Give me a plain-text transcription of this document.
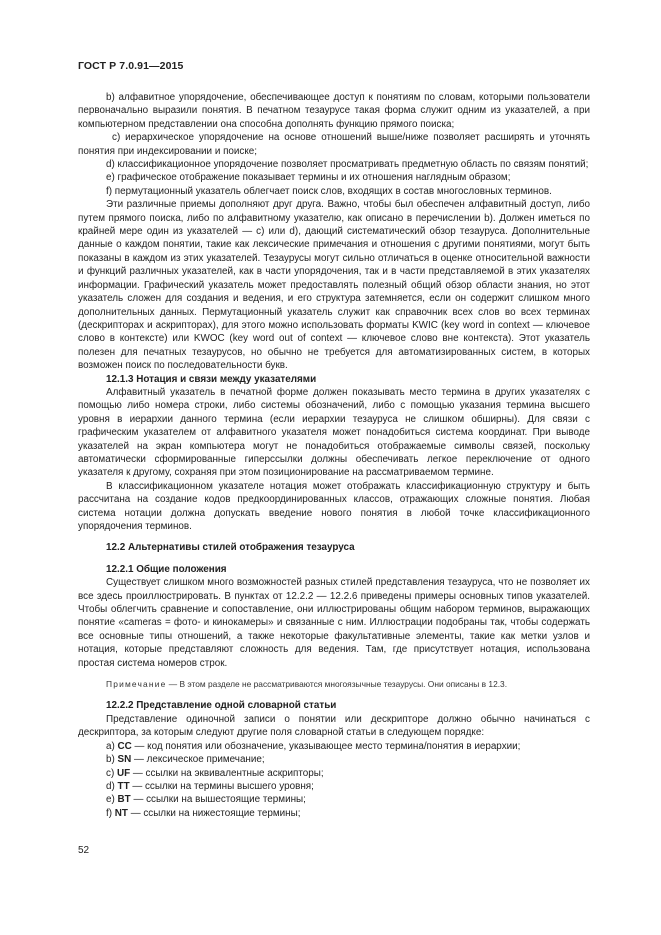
ГОСТ Р 7.0.91—2015

b) алфавитное упорядочение, обеспечивающее доступ к понятиям по словам, которыми пользователи первоначально выразили понятия. В печатном тезаурусе такая форма служит одним из указателей, а при компьютерном представлении она способна дополнять функцию прямого поиска;

c) иерархическое упорядочение на основе отношений выше/ниже позволяет расширять и уточнять понятия при индексировании и поиске;

d) классификационное упорядочение позволяет просматривать предметную область по связям понятий;

e) графическое отображение показывает термины и их отношения наглядным образом;

f) пермутационный указатель облегчает поиск слов, входящих в состав многословных терминов.

Эти различные приемы дополняют друг друга. Важно, чтобы был обеспечен алфавитный доступ, либо путем прямого поиска, либо по алфавитному указателю, как описано в перечислении b). Должен иметься по крайней мере один из указателей — c) или d), дающий систематический обзор тезауруса. Дополнительные данные о каждом понятии, такие как лексические примечания и отношения с другими понятиями, могут быть показаны в каждом из этих указателей. Тезаурусы могут сильно отличаться в оценке относительной важности и функций различных указателей, как в части упорядочения, так и в части представляемой в этих указателях информации. Графический указатель может предоставлять полезный общий обзор области знания, но этот указатель сложен для создания и ведения, и его структура затемняется, если он содержит слишком много дополнительных данных. Пермутационный указатель служит как справочник всех слов во всех терминах (дескрипторах и аскрипторах), для этого можно использовать форматы KWIC (key word in context — ключевое слово в контексте) или KWOC (key word out of context — ключевое слово вне контекста). Этот указатель полезен для печатных тезаурусов, но обычно не требуется для автоматизированных систем, в которых возможен поиск по последовательности букв.

12.1.3 Нотация и связи между указателями

Алфавитный указатель в печатной форме должен показывать место термина в других указателях с помощью либо номера строки, либо системы обозначений, либо с помощью указания термина высшего уровня в иерархии данного термина (если иерархии тезауруса не слишком обширны). Для связи с графическим указателем от алфавитного указателя может понадобиться система координат. При выводе указателей на экран компьютера могут не понадобиться отображаемые символы связей, поскольку автоматически сформированные гиперссылки должны обеспечивать легкое переключение от одного указателя к другому, сохраняя при этом позиционирование на рассматриваемом термине.

В классификационном указателе нотация может отображать классификационную структуру и быть рассчитана на создание кодов предкоординированных классов, отражающих сложные понятия. Любая система нотации должна допускать введение нового понятия в любой точке классификационного упорядочения терминов.

12.2 Альтернативы стилей отображения тезауруса
12.2.1 Общие положения

Существует слишком много возможностей разных стилей представления тезауруса, что не позволяет их все здесь проиллюстрировать. В пунктах от 12.2.2 — 12.2.6 приведены примеры основных типов указателей. Чтобы облегчить сравнение и сопоставление, они иллюстрированы общим набором терминов, выражающих понятие «cameras = фото- и кинокамеры» и связанные с ним. Иллюстрации подобраны так, чтобы содержать все основные типы отношений, а также некоторые факультативные элементы, такие как метки узлов и нотация, которые представляют сложность для ведения. Там, где присутствует нотация, использована простая система номеров строк.

Примечание — В этом разделе не рассматриваются многоязычные тезаурусы. Они описаны в 12.3.

12.2.2 Представление одной словарной статьи

Представление одиночной записи о понятии или дескрипторе должно обычно начинаться с дескриптора, за которым следуют другие поля словарной статьи в следующем порядке:

a) CC — код понятия или обозначение, указывающее место термина/понятия в иерархии;

b) SN — лексическое примечание;

c) UF — ссылки на эквивалентные аскрипторы;

d) TT — ссылки на термины высшего уровня;

e) BT — ссылки на вышестоящие термины;

f) NT — ссылки на нижестоящие термины;

52
